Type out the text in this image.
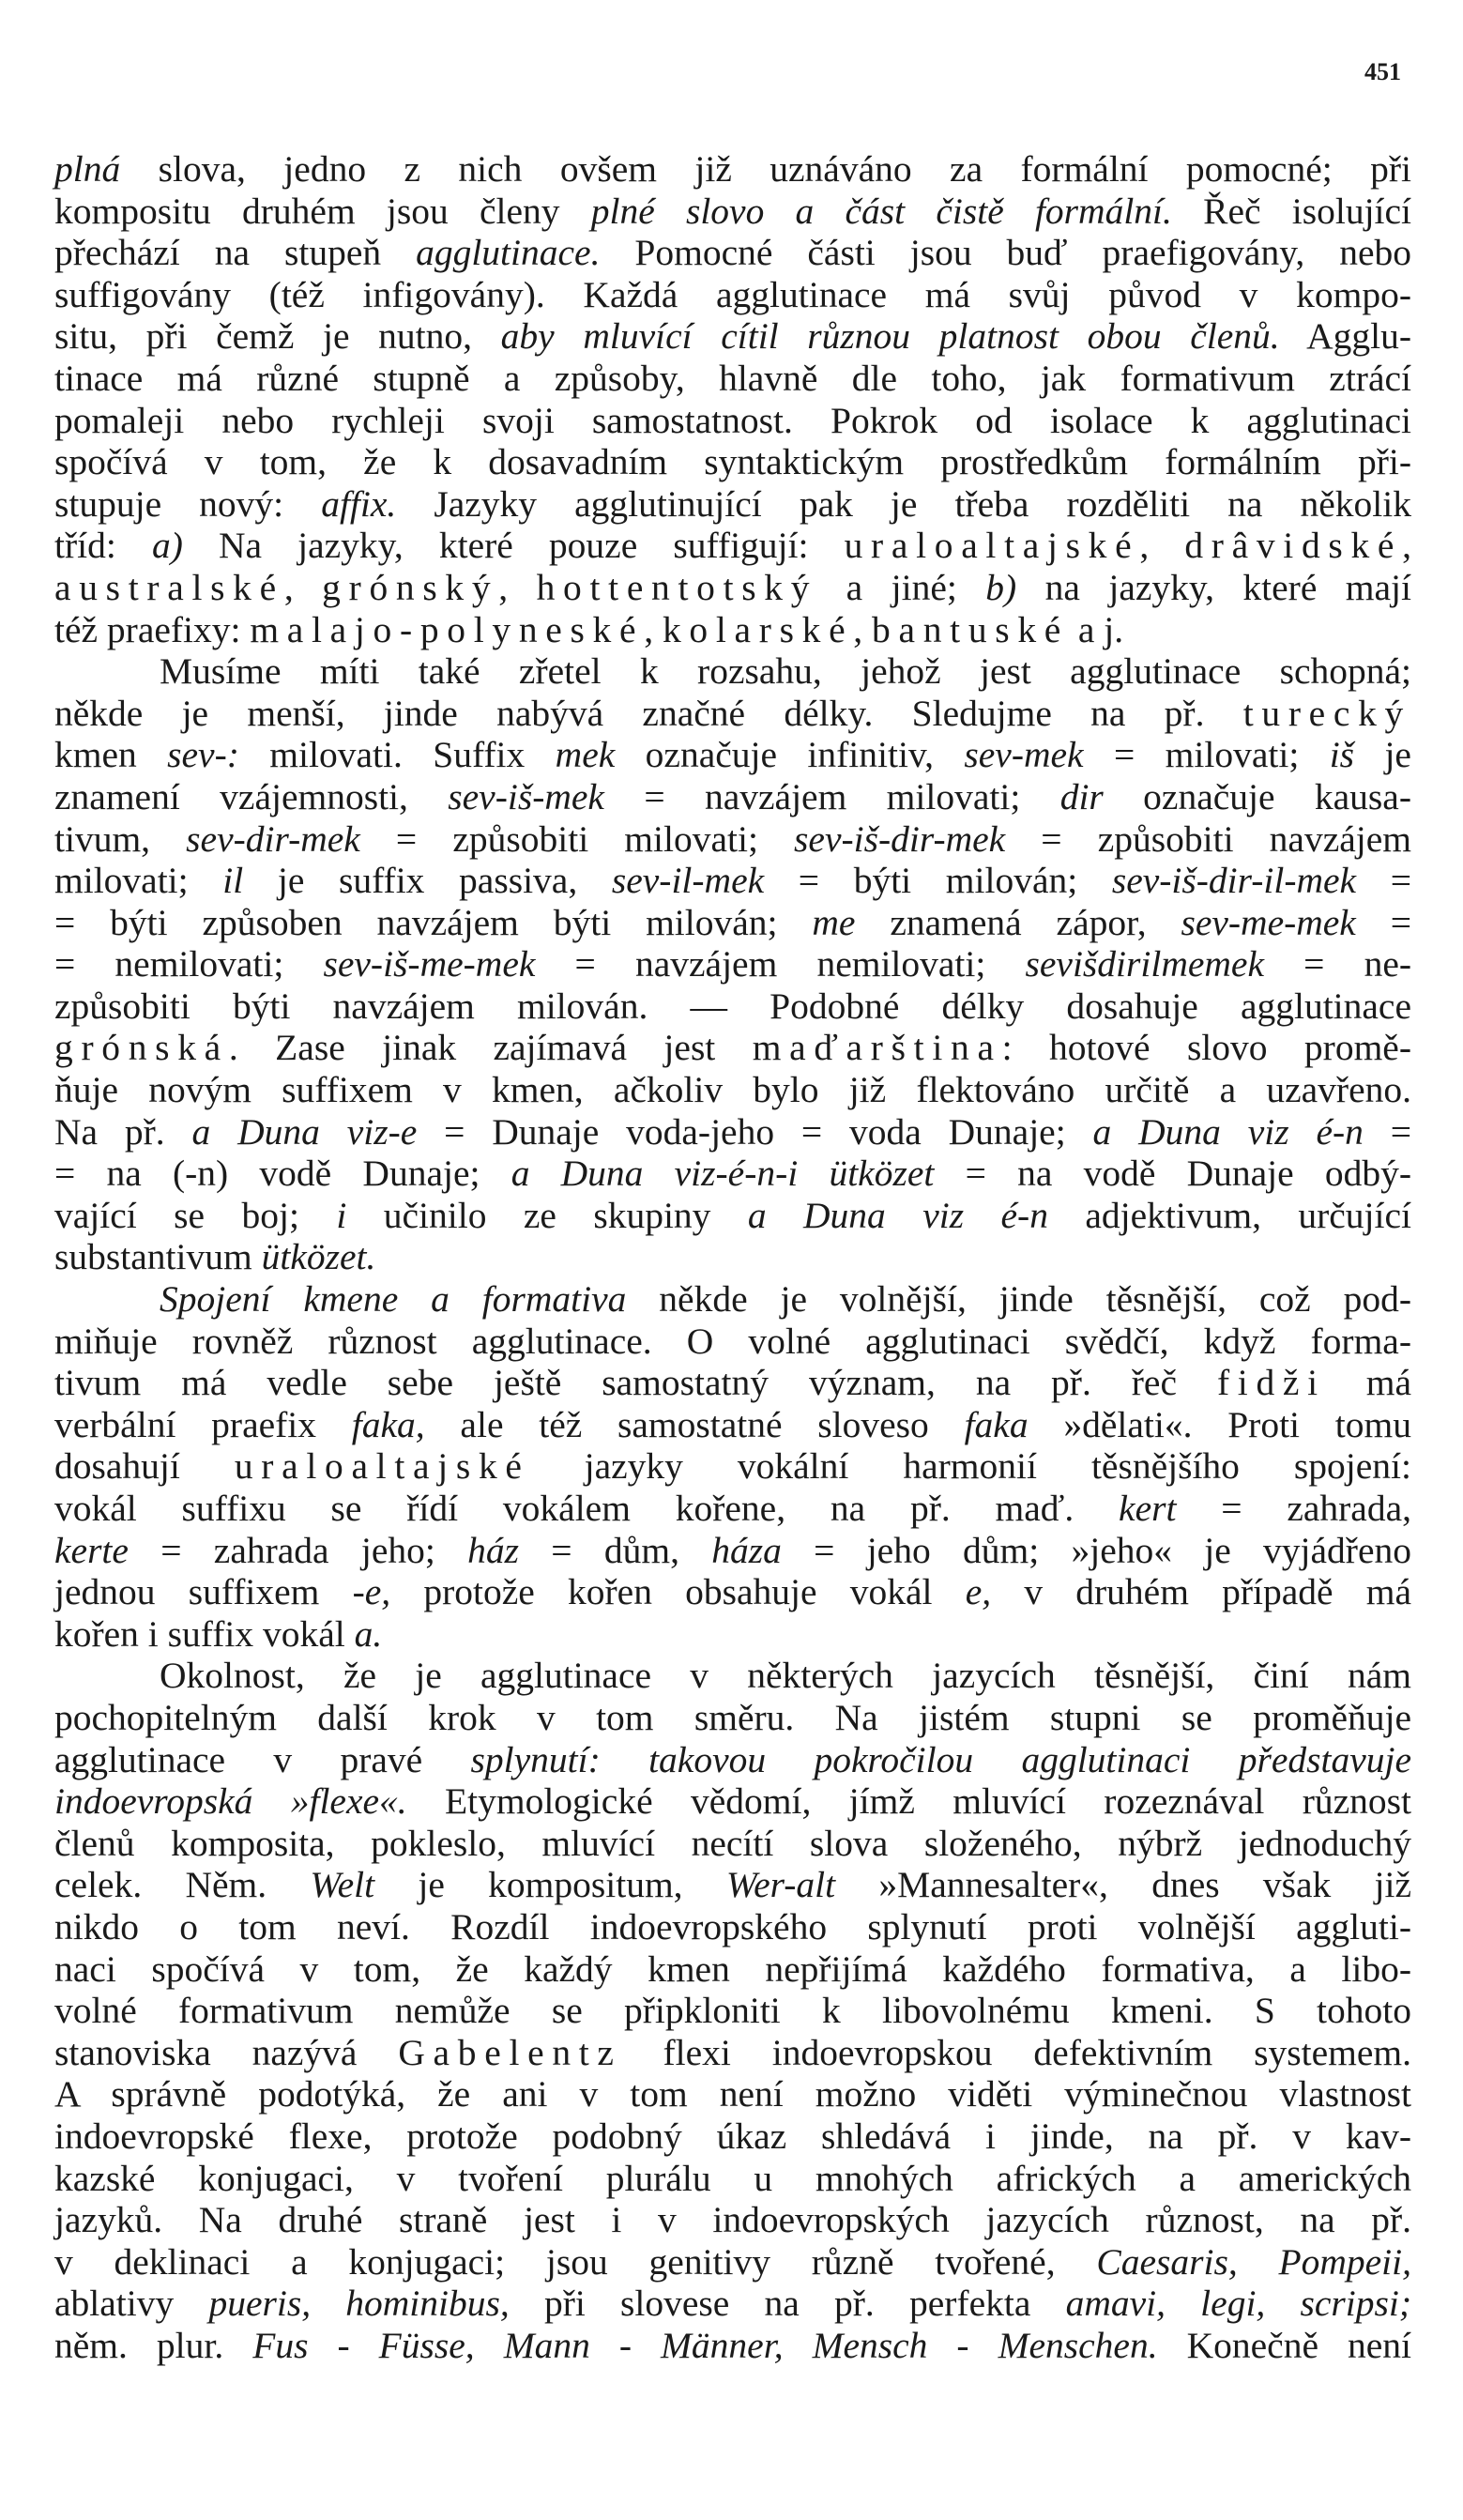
451
plná slova, jedno z nich ovšem již uznáváno za formální pomocné; při
kompositu druhém jsou členy plné slovo a část čistě formální. Řeč isolující
přechází na stupeň agglutinace. Pomocné části jsou buď praefigovány, nebo
suffigovány (též infigovány). Každá agglutinace má svůj původ v kompo-
situ, při čemž je nutno, aby mluvící cítil různou platnost obou členů. Agglu-
tinace má různé stupně a způsoby, hlavně dle toho, jak formativum ztrácí
pomaleji nebo rychleji svoji samostatnost. Pokrok od isolace k agglutinaci
spočívá v tom, že k dosavadním syntaktickým prostředkům formálním při-
stupuje nový: affix. Jazyky agglutinující pak je třeba rozděliti na několik
tříd: a) Na jazyky, které pouze suffigují: uraloaltajské, drâvidské,
australské, grónský, hottentotský a jiné; b) na jazyky, které mají
též praefixy: malajo-polyneské, kolarské, bantuské a j.
Musíme míti také zřetel k rozsahu, jehož jest agglutinace schopná;
někde je menší, jinde nabývá značné délky. Sledujme na př. turecký
kmen sev-: milovati. Suffix mek označuje infinitiv, sev-mek = milovati; iš je
znamení vzájemnosti, sev-iš-mek = navzájem milovati; dir označuje kausa-
tivum, sev-dir-mek = způsobiti milovati; sev-iš-dir-mek = způsobiti navzájem
milovati; il je suffix passiva, sev-il-mek = býti milován; sev-iš-dir-il-mek =
= býti způsoben navzájem býti milován; me znamená zápor, sev-me-mek =
= nemilovati; sev-iš-me-mek = navzájem nemilovati; sevišdirilmemek = ne-
způsobiti býti navzájem milován. — Podobné délky dosahuje agglutinace
grónská. Zase jinak zajímavá jest maďarština: hotové slovo promě-
ňuje novým suffixem v kmen, ačkoliv bylo již flektováno určitě a uzavřeno.
Na př. a Duna viz-e = Dunaje voda-jeho = voda Dunaje; a Duna viz é-n =
= na (-n) vodě Dunaje; a Duna viz-é-n-i ütközet = na vodě Dunaje odbý-
vající se boj; i učinilo ze skupiny a Duna viz é-n adjektivum, určující
substantivum ütközet.
Spojení kmene a formativa někde je volnější, jinde těsnější, což pod-
miňuje rovněž různost agglutinace. O volné agglutinaci svědčí, když forma-
tivum má vedle sebe ještě samostatný význam, na př. řeč fidži má
verbální praefix faka, ale též samostatné sloveso faka »dělati«. Proti tomu
dosahují uraloaltajské jazyky vokální harmonií těsnějšího spojení:
vokál suffixu se řídí vokálem kořene, na př. maď. kert = zahrada,
kerte = zahrada jeho; ház = dům, háza = jeho dům; »jeho« je vyjádřeno
jednou suffixem -e, protože kořen obsahuje vokál e, v druhém případě má
kořen i suffix vokál a.
Okolnost, že je agglutinace v některých jazycích těsnější, činí nám
pochopitelným další krok v tom směru. Na jistém stupni se proměňuje
agglutinace v pravé splynutí: takovou pokročilou agglutinaci představuje
indoevropská »flexe«. Etymologické vědomí, jímž mluvící rozeznával různost
členů komposita, pokleslo, mluvící necítí slova složeného, nýbrž jednoduchý
celek. Něm. Welt je kompositum, Wer-alt »Mannesalter«, dnes však již
nikdo o tom neví. Rozdíl indoevropského splynutí proti volnější aggluti-
naci spočívá v tom, že každý kmen nepřijímá každého formativa, a libo-
volné formativum nemůže se připkloniti k libovolnému kmeni. S tohoto
stanoviska nazývá Gabelentz flexi indoevropskou defektivním systemem.
A správně podotýká, že ani v tom není možno viděti výminečnou vlastnost
indoevropské flexe, protože podobný úkaz shledává i jinde, na př. v kav-
kazské konjugaci, v tvoření plurálu u mnohých afrických a amerických
jazyků. Na druhé straně jest i v indoevropských jazycích různost, na př.
v deklinaci a konjugaci; jsou genitivy různě tvořené, Caesaris, Pompeii,
ablativy pueris, hominibus, při slovese na př. perfekta amavi, legi, scripsi;
něm. plur. Fus - Füsse, Mann - Männer, Mensch - Menschen. Konečně není
